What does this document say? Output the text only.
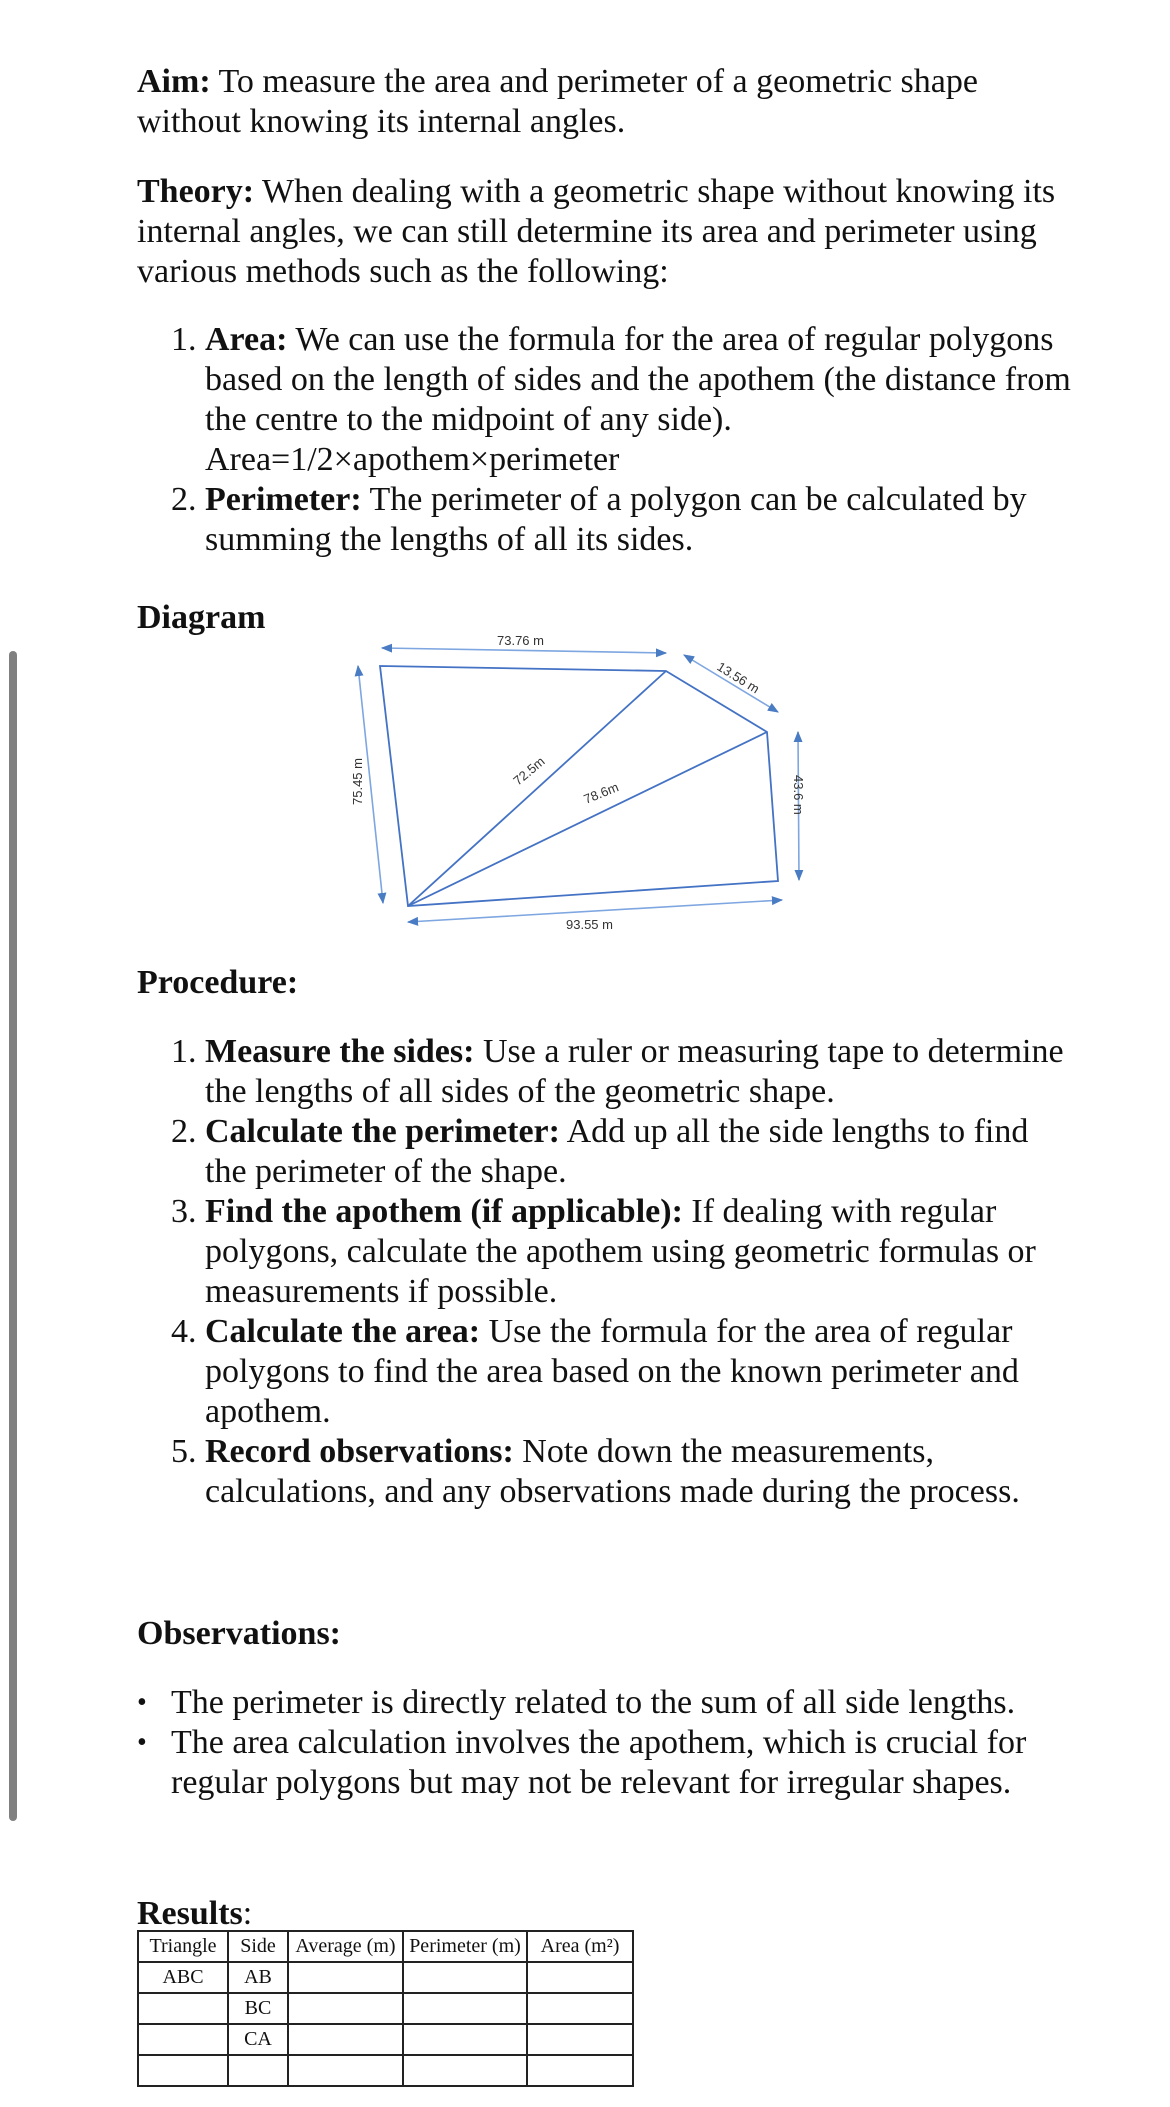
Aim: To measure the area and perimeter of a geometric shape without knowing its internal angles.

Theory: When dealing with a geometric shape without knowing its internal angles, we can still determine its area and perimeter using various methods such as the following:

1. Area: We can use the formula for the area of regular polygons based on the length of sides and the apothem (the distance from the centre to the midpoint of any side). Area=1/2×apothem×perimeter
2. Perimeter: The perimeter of a polygon can be calculated by summing the lengths of all its sides.

Diagram

73.76 m
13.56 m
43.6 m
75.45 m
93.55 m
72.5m
78.6m

Procedure:

1. Measure the sides: Use a ruler or measuring tape to determine the lengths of all sides of the geometric shape.
2. Calculate the perimeter: Add up all the side lengths to find the perimeter of the shape.
3. Find the apothem (if applicable): If dealing with regular polygons, calculate the apothem using geometric formulas or measurements if possible.
4. Calculate the area: Use the formula for the area of regular polygons to find the area based on the known perimeter and apothem.
5. Record observations: Note down the measurements, calculations, and any observations made during the process.

Observations:

• The perimeter is directly related to the sum of all side lengths.
• The area calculation involves the apothem, which is crucial for regular polygons but may not be relevant for irregular shapes.

Results:

Triangle	Side	Average (m)	Perimeter (m)	Area (m²)
ABC	AB			
	BC			
	CA			
